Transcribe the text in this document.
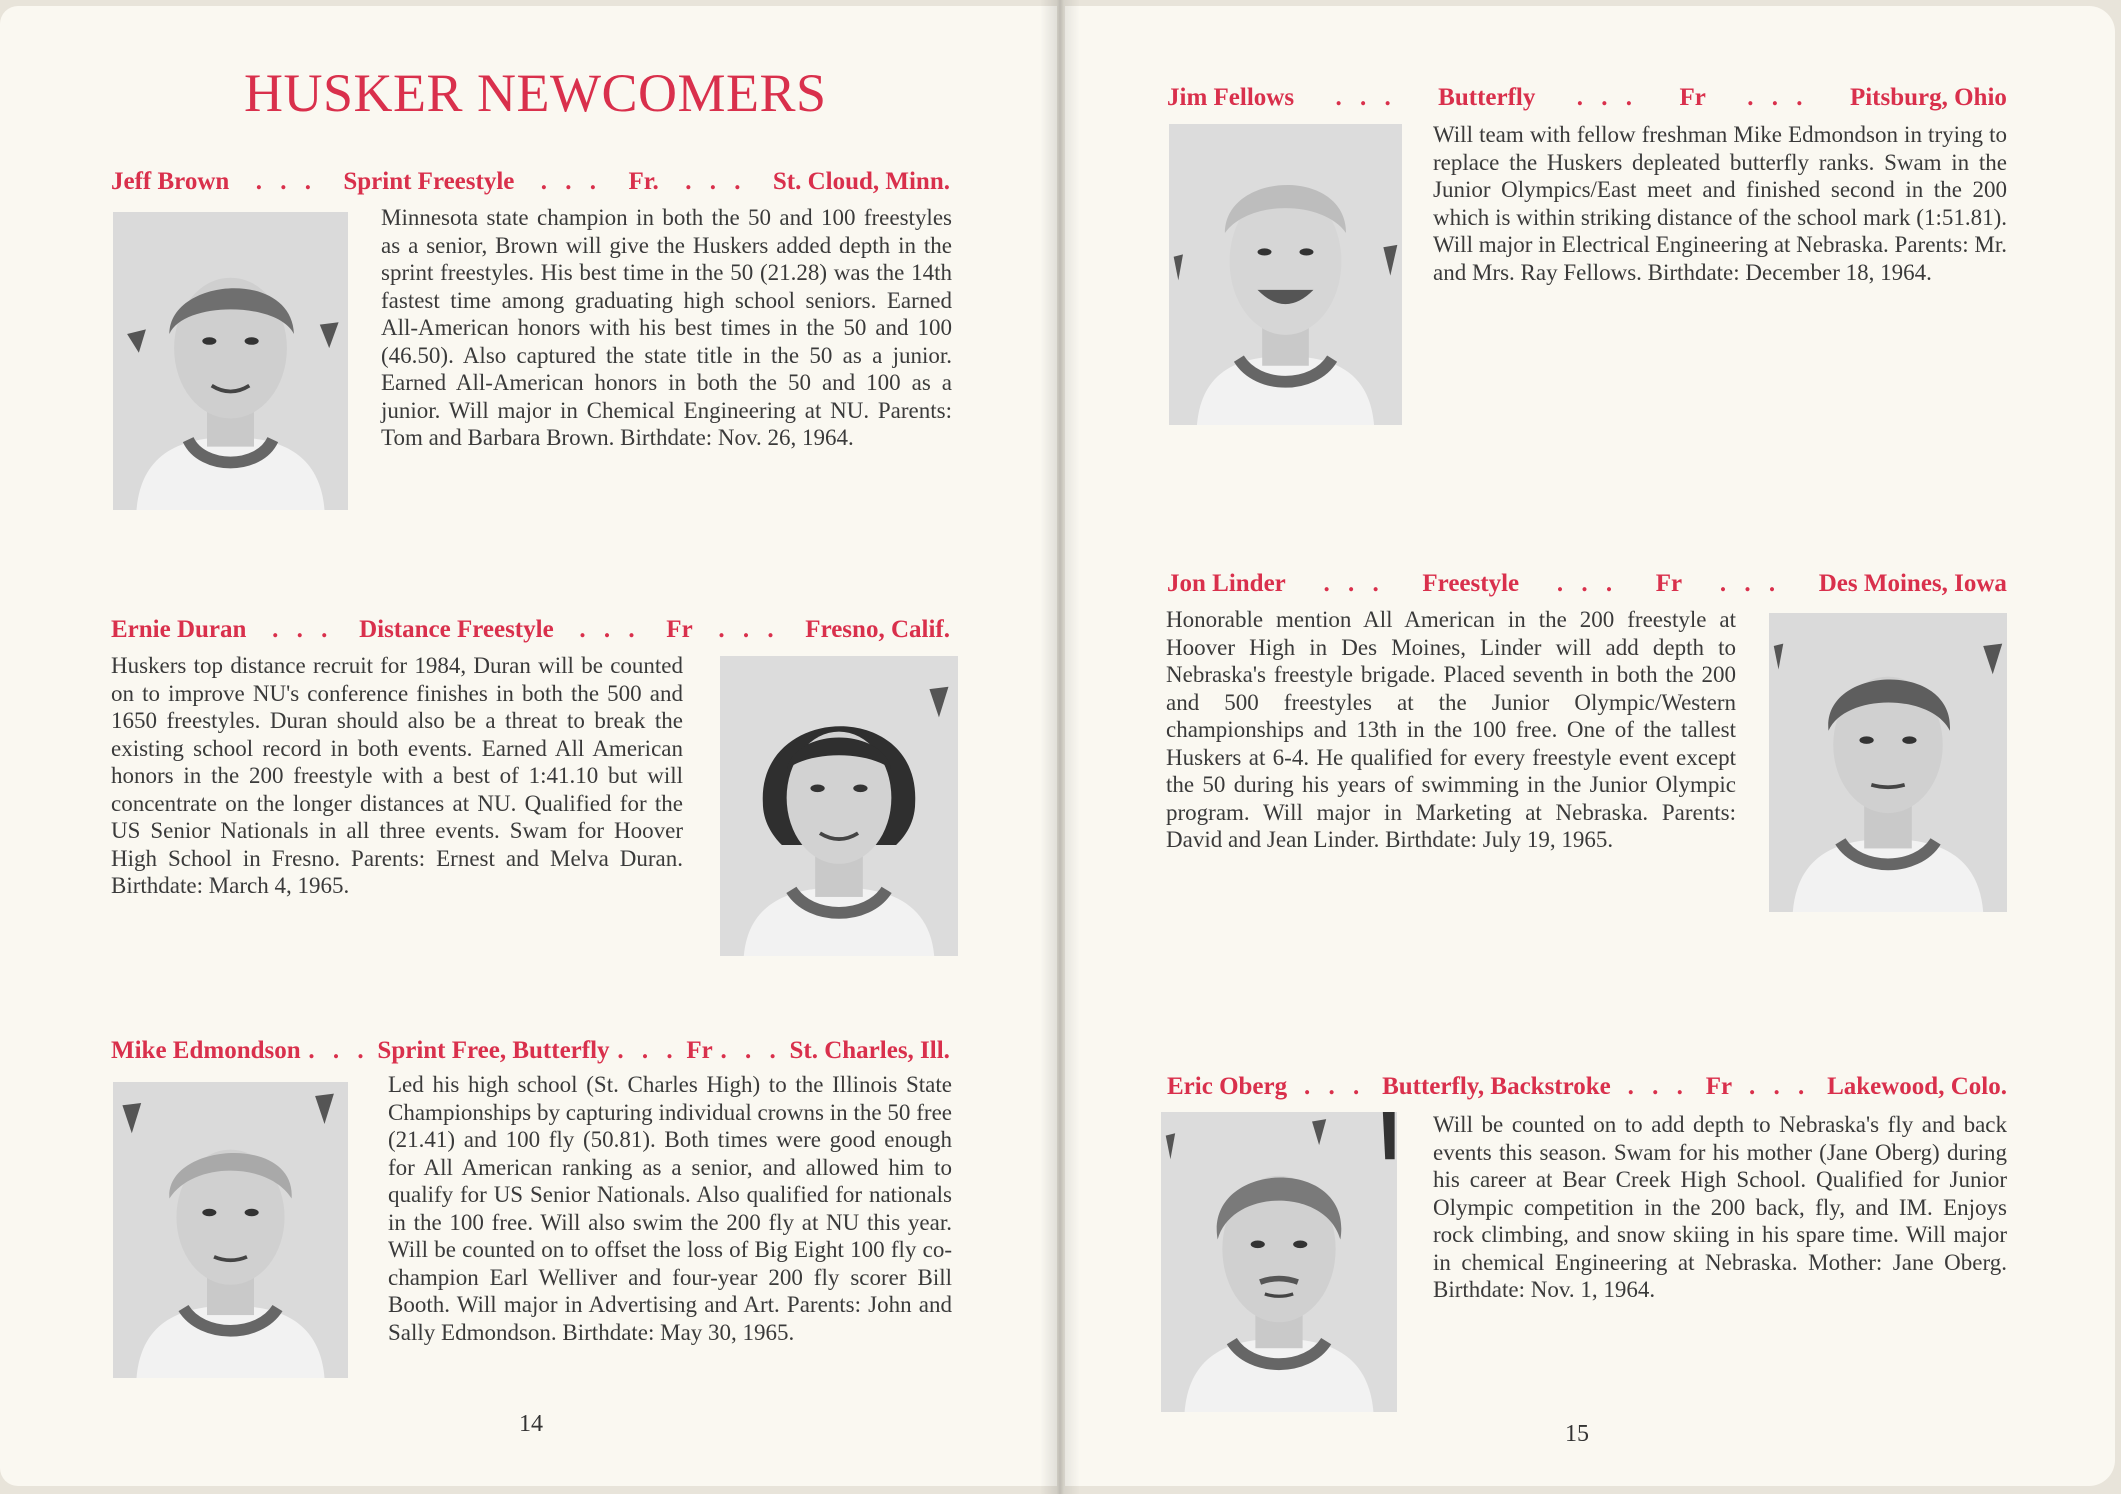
HUSKER NEWCOMERS
Jeff Brown . . . Sprint Freestyle . . . Fr. . . . St. Cloud, Minn.

Minnesota state champion in both the 50 and 100 freestyles as a senior, Brown will give the Huskers added depth in the sprint freestyles. His best time in the 50 (21.28) was the 14th fastest time among graduating high school seniors. Earned All-American honors with his best times in the 50 and 100 (46.50). Also captured the state title in the 50 as a junior. Earned All-American honors in both the 50 and 100 as a junior. Will major in Chemical Engineering at NU. Parents: Tom and Barbara Brown. Birthdate: Nov. 26, 1964.

Ernie Duran . . . Distance Freestyle . . . Fr . . . Fresno, Calif.

Huskers top distance recruit for 1984, Duran will be counted on to improve NU's conference finishes in both the 500 and 1650 freestyles. Duran should also be a threat to break the existing school record in both events. Earned All American honors in the 200 freestyle with a best of 1:41.10 but will concentrate on the longer distances at NU. Qualified for the US Senior Nationals in all three events. Swam for Hoover High School in Fresno. Parents: Ernest and Melva Duran. Birthdate: March 4, 1965.

Mike Edmondson . . . Sprint Free, Butterfly . . . Fr . . . St. Charles, Ill.

Led his high school (St. Charles High) to the Illinois State Championships by capturing individual crowns in the 50 free (21.41) and 100 fly (50.81). Both times were good enough for All American ranking as a senior, and allowed him to qualify for US Senior Nationals. Also qualified for nationals in the 100 free. Will also swim the 200 fly at NU this year. Will be counted on to offset the loss of Big Eight 100 fly co-champion Earl Welliver and four-year 200 fly scorer Bill Booth. Will major in Advertising and Art. Parents: John and Sally Edmondson. Birthdate: May 30, 1965.

14
Jim Fellows . . . Butterfly . . . Fr . . . Pitsburg, Ohio

Will team with fellow freshman Mike Edmondson in trying to replace the Huskers depleated butterfly ranks. Swam in the Junior Olympics/East meet and finished second in the 200 which is within striking distance of the school mark (1:51.81). Will major in Electrical Engineering at Nebraska. Parents: Mr. and Mrs. Ray Fellows. Birthdate: December 18, 1964.

Jon Linder . . . Freestyle . . . Fr . . . Des Moines, Iowa

Honorable mention All American in the 200 freestyle at Hoover High in Des Moines, Linder will add depth to Nebraska's freestyle brigade. Placed seventh in both the 200 and 500 freestyles at the Junior Olympic/Western championships and 13th in the 100 free. One of the tallest Huskers at 6-4. He qualified for every freestyle event except the 50 during his years of swimming in the Junior Olympic program. Will major in Marketing at Nebraska. Parents: David and Jean Linder. Birthdate: July 19, 1965.

Eric Oberg . . . Butterfly, Backstroke . . . Fr . . . Lakewood, Colo.

Will be counted on to add depth to Nebraska's fly and back events this season. Swam for his mother (Jane Oberg) during his career at Bear Creek High School. Qualified for Junior Olympic competition in the 200 back, fly, and IM. Enjoys rock climbing, and snow skiing in his spare time. Will major in chemical Engineering at Nebraska. Mother: Jane Oberg. Birthdate: Nov. 1, 1964.

15
